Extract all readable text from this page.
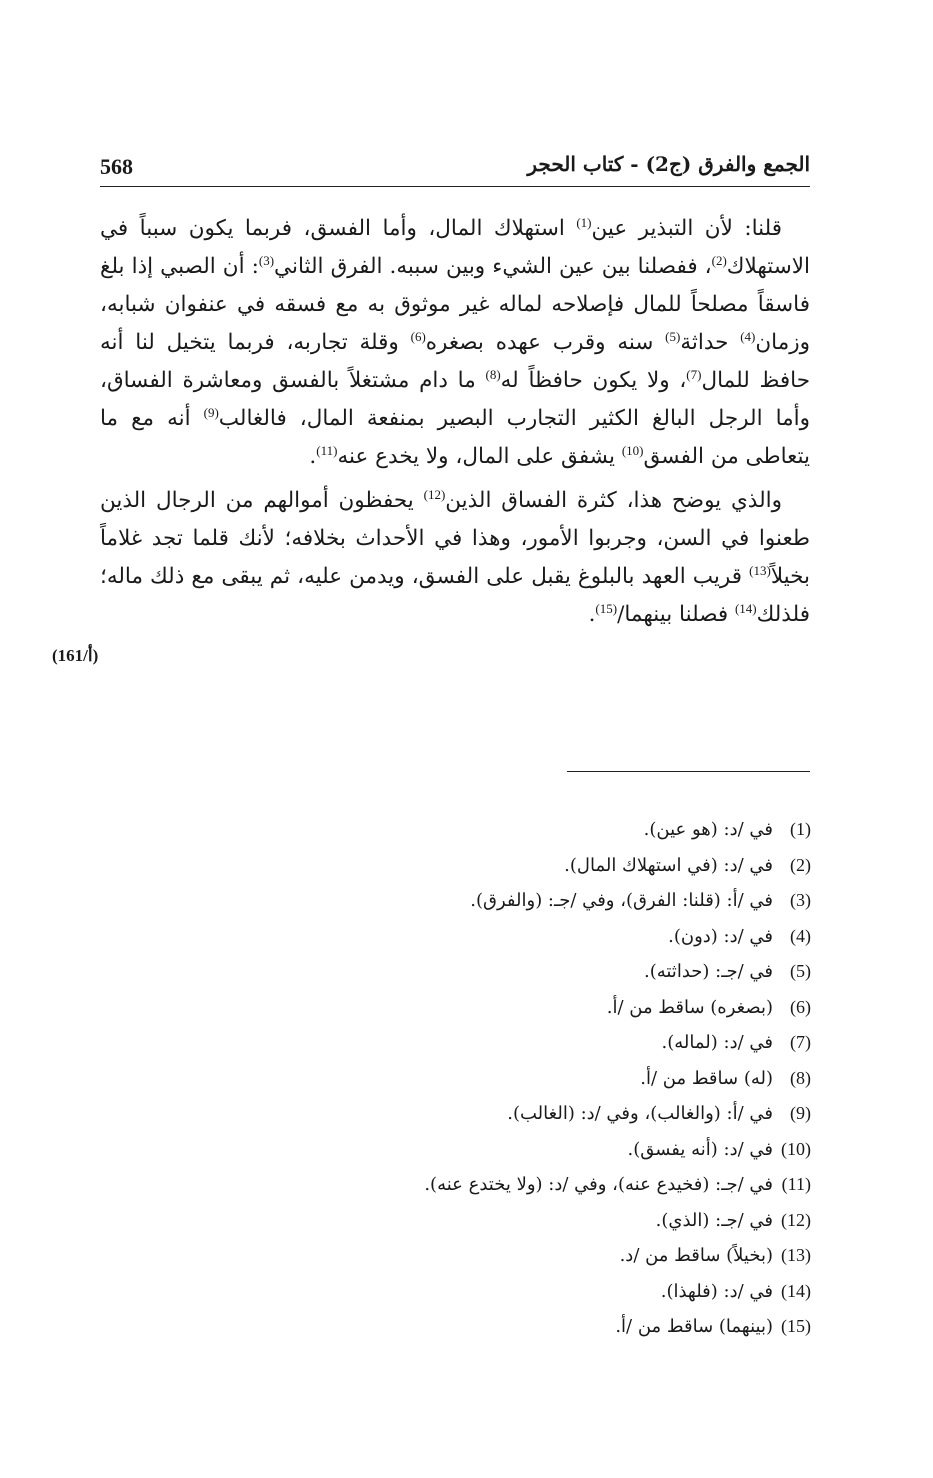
568	الجمع والفرق (ج2) - كتاب الحجر

قلنا: لأن التبذير عين$^{(1)}$ استهلاك المال، وأما الفسق، فربما يكون سبباً في الاستهلاك$^{(2)}$، ففصلنا بين عين الشيء وبين سببه. الفرق الثاني$^{(3)}$: أن الصبي إذا بلغ فاسقاً مصلحاً للمال فإصلاحه لماله غير موثوق به مع فسقه في عنفوان شبابه، وزمان$^{(4)}$ حداثة$^{(5)}$ سنه وقرب عهده بصغره$^{(6)}$ وقلة تجاربه، فربما يتخيل لنا أنه حافظ للمال$^{(7)}$، ولا يكون حافظاً له$^{(8)}$ ما دام مشتغلاً بالفسق ومعاشرة الفساق، وأما الرجل البالغ الكثير التجارب البصير بمنفعة المال، فالغالب$^{(9)}$ أنه مع ما يتعاطى من الفسق$^{(10)}$ يشفق على المال، ولا يخدع عنه$^{(11)}$.

والذي يوضح هذا، كثرة الفساق الذين$^{(12)}$ يحفظون أموالهم من الرجال الذين طعنوا في السن، وجربوا الأمور، وهذا في الأحداث بخلافه؛ لأنك قلما تجد غلاماً بخيلاً$^{(13)}$ قريب العهد بالبلوغ يقبل على الفسق، ويدمن عليه، ثم يبقى مع ذلك ماله؛ فلذلك$^{(14)}$ فصلنا بينهما/$^{(15)}$.

(161/أ)
(1)في /د: (هو عين).
(2)في /د: (في استهلاك المال).
(3)في /أ: (قلنا: الفرق)، وفي /جـ: (والفرق).
(4)في /د: (دون).
(5)في /جـ: (حداثته).
(6)(بصغره) ساقط من /أ.
(7)في /د: (لماله).
(8)(له) ساقط من /أ.
(9)في /أ: (والغالب)، وفي /د: (الغالب).
(10)في /د: (أنه يفسق).
(11)في /جـ: (فخيدع عنه)، وفي /د: (ولا يختدع عنه).
(12)في /جـ: (الذي).
(13)(بخيلاً) ساقط من /د.
(14)في /د: (فلهذا).
(15)(بينهما) ساقط من /أ.
